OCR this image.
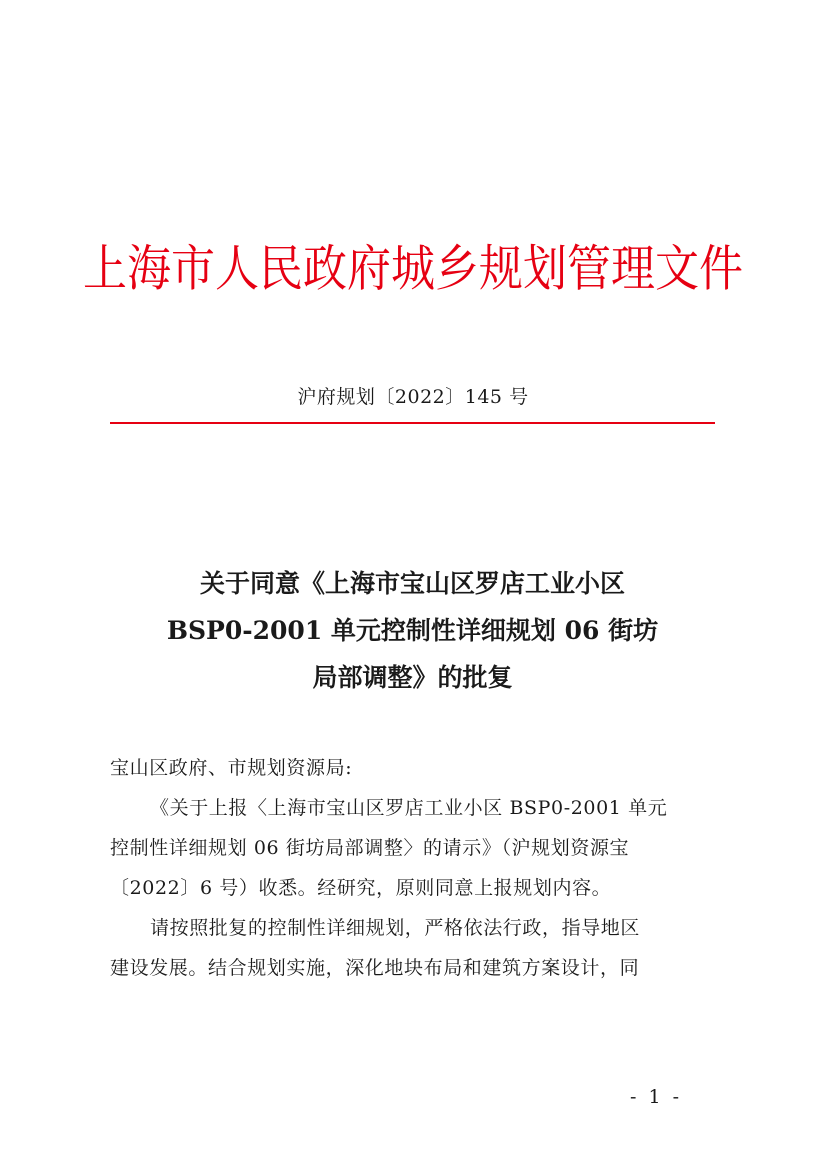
上海市人民政府城乡规划管理文件
沪府规划〔2022〕145 号
关于同意《上海市宝山区罗店工业小区
BSP0-2001 单元控制性详细规划 06 街坊
局部调整》的批复
宝山区政府、市规划资源局:
《关于上报〈上海市宝山区罗店工业小区 BSP0-2001 单元
控制性详细规划 06 街坊局部调整〉的请示》（沪规划资源宝
〔2022〕6 号）收悉。经研究，原则同意上报规划内容。
请按照批复的控制性详细规划，严格依法行政，指导地区
建设发展。结合规划实施，深化地块布局和建筑方案设计，同
- 1 -
